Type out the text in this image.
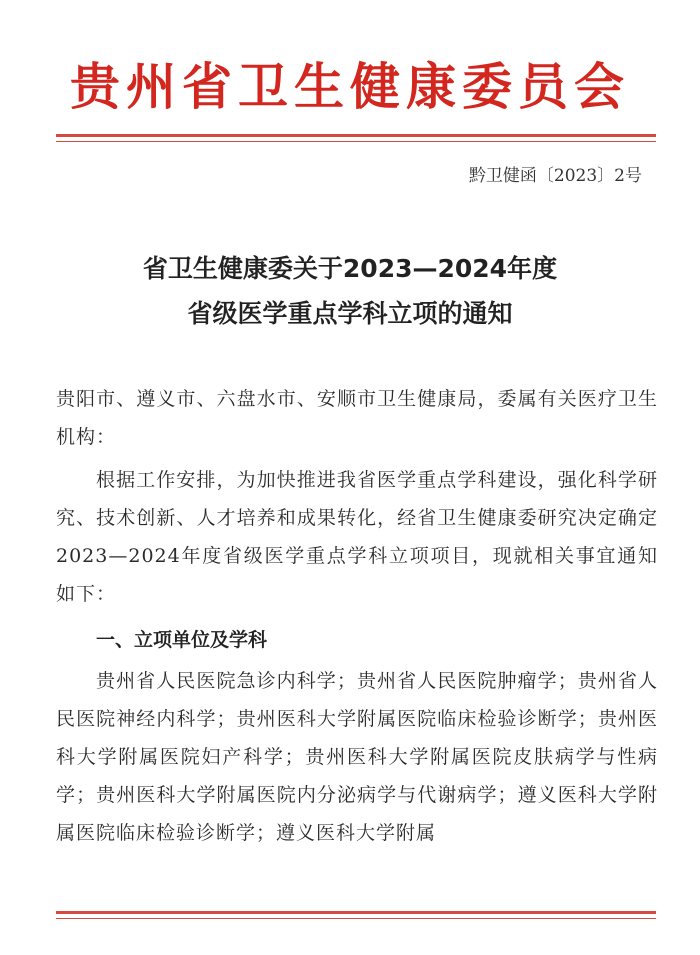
贵州省卫生健康委员会
黔卫健函〔2023〕2号
省卫生健康委关于2023—2024年度
省级医学重点学科立项的通知
贵阳市、遵义市、六盘水市、安顺市卫生健康局，委属有关医疗卫生机构：
根据工作安排，为加快推进我省医学重点学科建设，强化科学研究、技术创新、人才培养和成果转化，经省卫生健康委研究决定确定2023—2024年度省级医学重点学科立项项目，现就相关事宜通知如下：
一、立项单位及学科
贵州省人民医院急诊内科学；贵州省人民医院肿瘤学；贵州省人民医院神经内科学；贵州医科大学附属医院临床检验诊断学；贵州医科大学附属医院妇产科学；贵州医科大学附属医院皮肤病学与性病学；贵州医科大学附属医院内分泌病学与代谢病学；遵义医科大学附属医院临床检验诊断学；遵义医科大学附属
